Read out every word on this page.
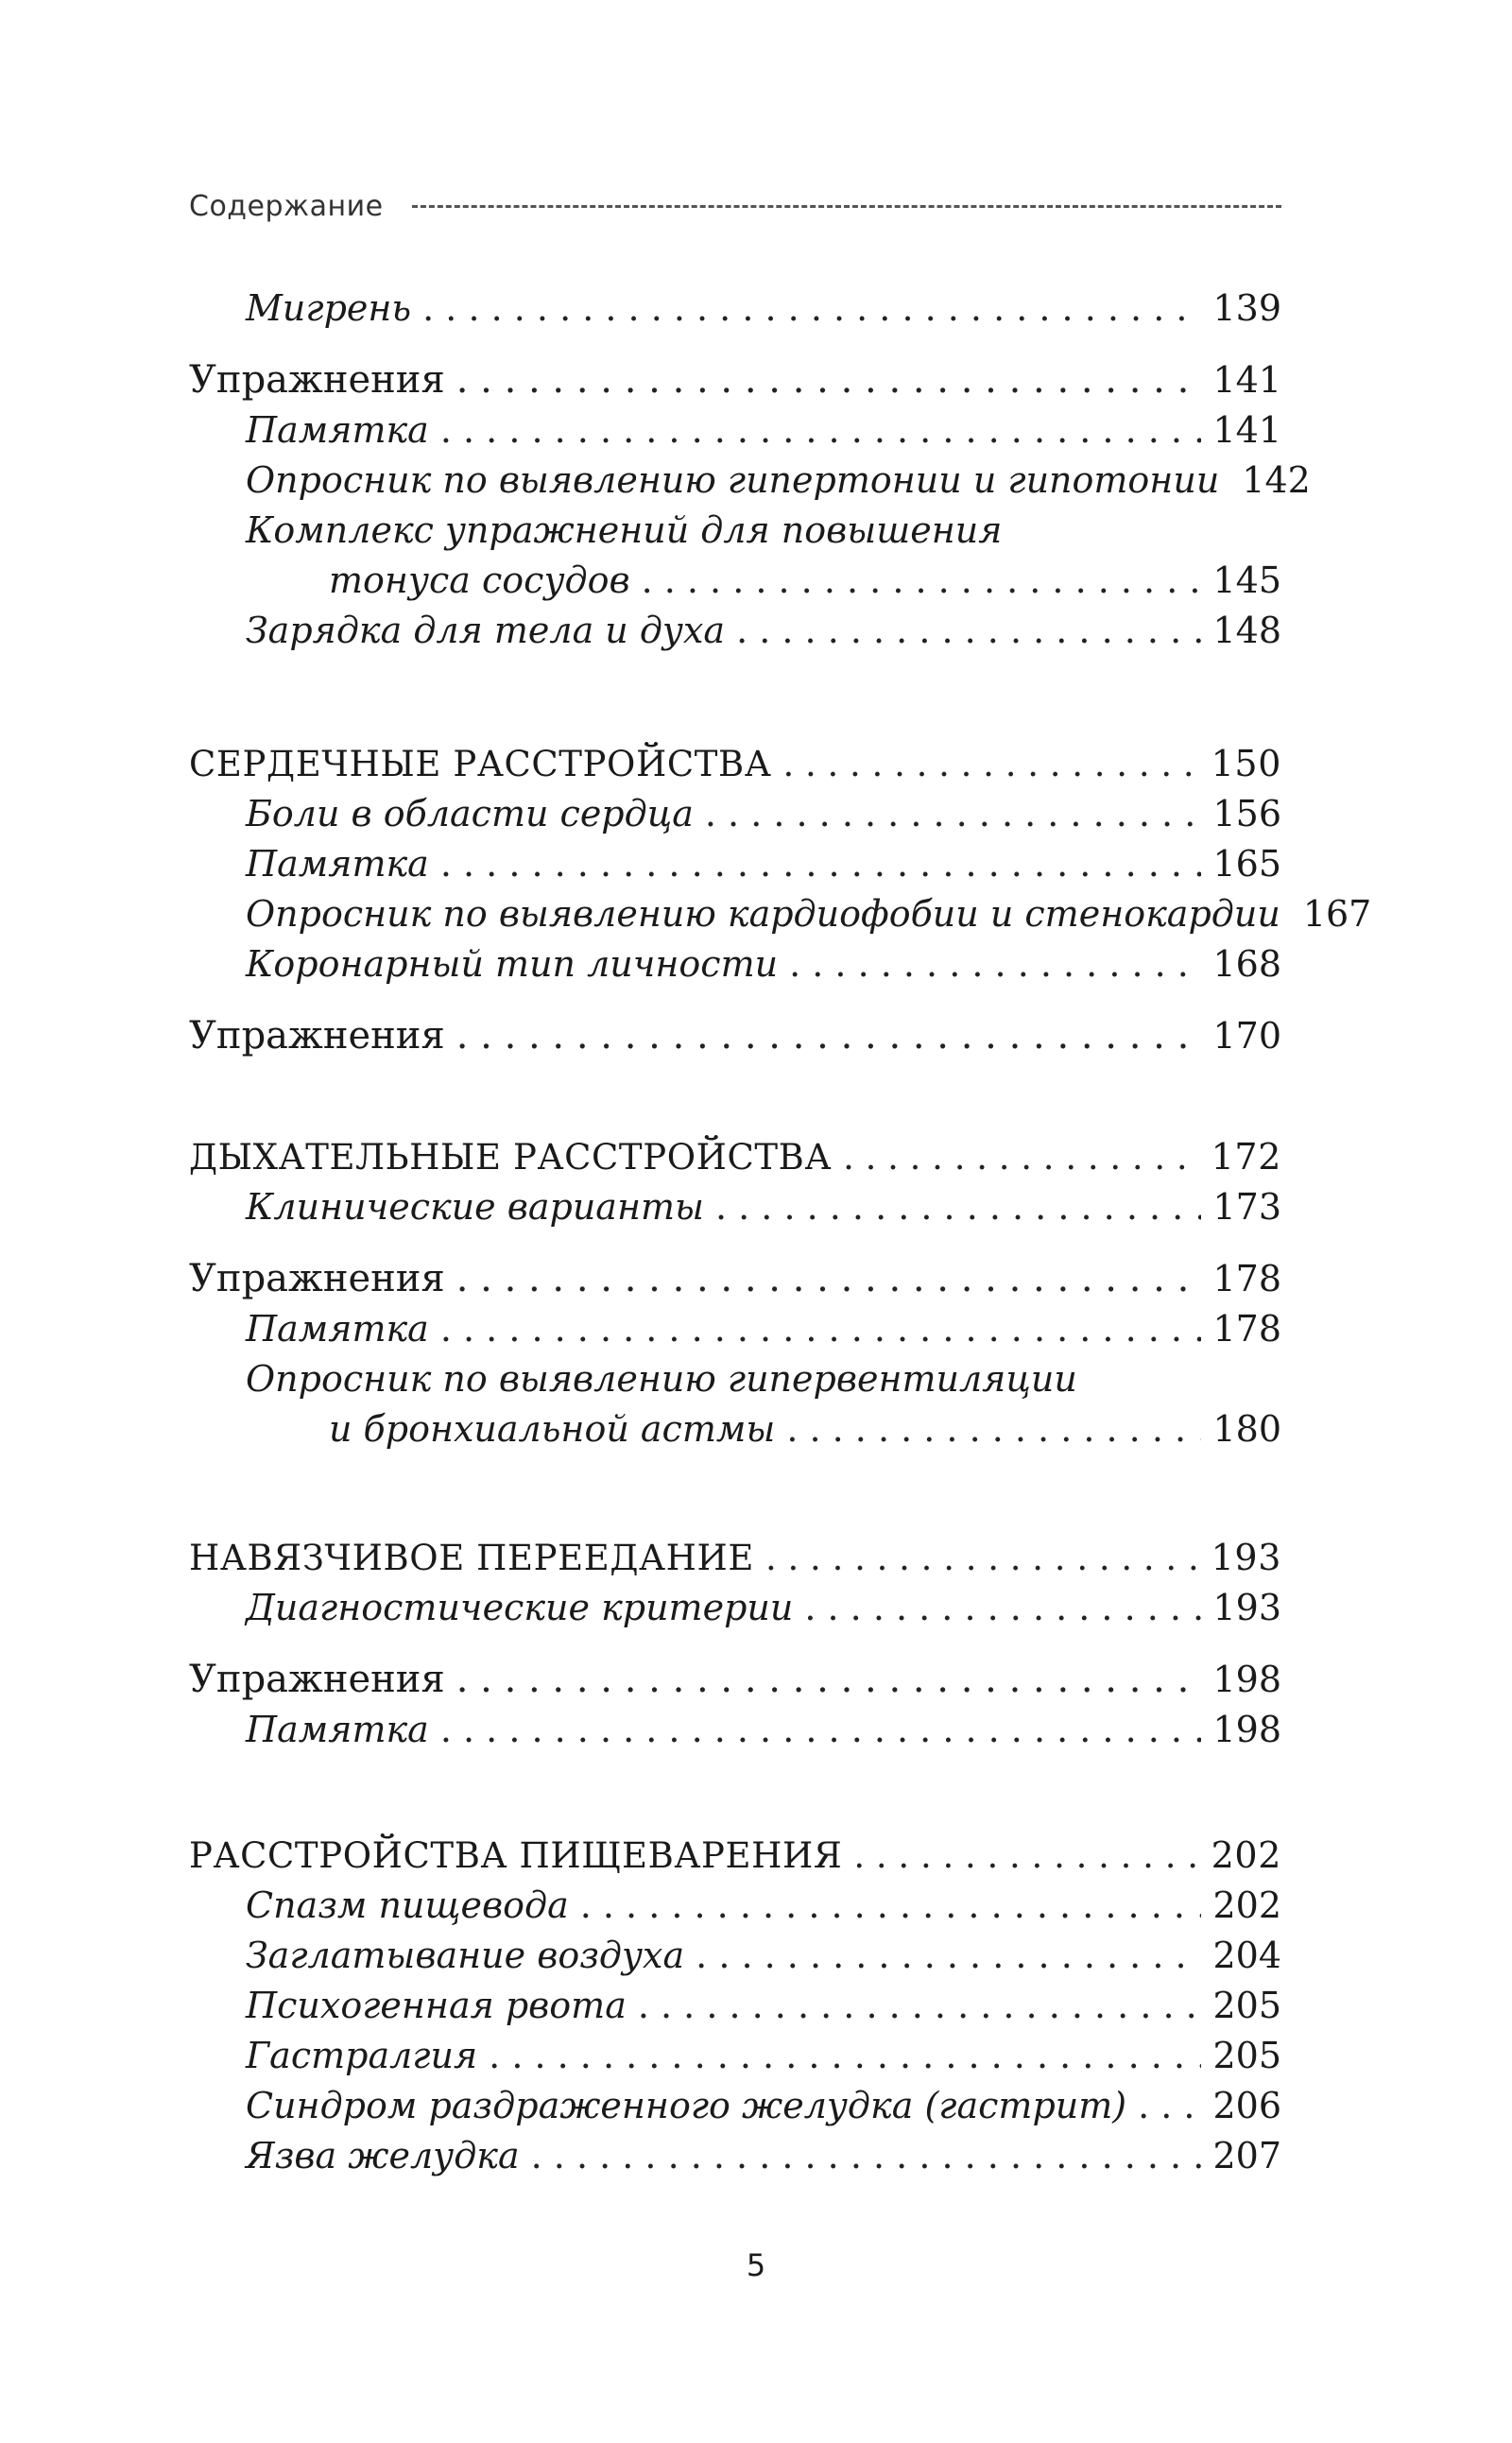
Содержание
Мигрень . . .	139
Упражнения . . .	141
Памятка . . .	141
Опросник по выявлению гипертонии и гипотонии 142
Комплекс упражнений для повышения
тонуса сосудов . . .	145
Зарядка для тела и духа . . .	148
СЕРДЕЧНЫЕ РАССТРОЙСТВА . . .	150
Боли в области сердца . . .	156
Памятка . . .	165
Опросник по выявлению кардиофобии и стенокардии 167
Коронарный тип личности . . .	168
Упражнения . . .	170
ДЫХАТЕЛЬНЫЕ РАССТРОЙСТВА . . .	172
Клинические варианты . . .	173
Упражнения . . .	178
Памятка . . .	178
Опросник по выявлению гипервентиляции
и бронхиальной астмы . . .	180
НАВЯЗЧИВОЕ ПЕРЕЕДАНИЕ . . .	193
Диагностические критерии . . .	193
Упражнения . . .	198
Памятка . . .	198
РАССТРОЙСТВА ПИЩЕВАРЕНИЯ . . .	202
Спазм пищевода . . .	202
Заглатывание воздуха . . .	204
Психогенная рвота . . .	205
Гастралгия . . .	205
Синдром раздраженного желудка (гастрит) . . . 206
Язва желудка . . .	207
5
